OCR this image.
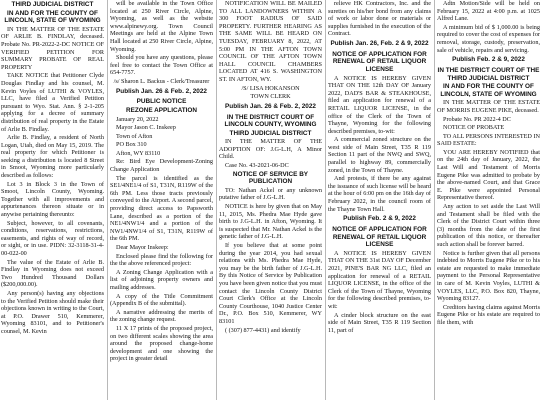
THIRD JUDICIAL DISTRICT
IN AND FOR THE COUNTY OF LINCOLN, STATE OF WYOMING
IN THE MATTER OF THE ESTATE OF ARLIE B. FINDLAY, deceased. Probate No. PR-2022-2-DC NOTICE OF VERIFIED PETITION FOR SUMMARY PROBATE OF REAL PROPERTY
TAKE NOTICE that Petitioner Clyde Douglas Findlay and his counsel, M. Kevin Voyles of LUTHI & VOYLES, LLC, have filed a Verified Petition pursuant to Wyo. Stat. Ann. § 2-1-205 applying for a decree of summary distribution of real property in the Estate of Arlie B. Findlay.
Arlie B. Findlay, a resident of North Logan, Utah, died on May 15, 2019. The real property for which Petitioner is seeking a distribution is located 8 Street in Smoot, Wyoming more particularly described as follows:
Lot 3 in Block 3 in the Town of Smoot, Lincoln County, Wyoming. Together with all improvements and appurtenances thereon situate or in anywise pertaining thereunto:
Subject, however, to all covenants, conditions, reservations, restrictions, easements, and rights of way of record, or sight, or in use. PIDN: 32-3118-31-4-00-022-00
The value of the Estate of Arlie B. Findlay in Wyoming does not exceed Two Hundred Thousand Dollars ($200,000.00).
Any person(s) having any objections to the Verified Petition should make their objections known in writing to the Court, at P.O. Drawer 510, Kemmerer, Wyoming 83101, and to Petitioner's counsel, M. Kevin
will be available in the Town Office located at 250 River Circle, Alpine, Wyoming, as well as the website www.alpinewy.org. Town Council Meetings are held at the Alpine Town Hall located at 250 River Circle, Alpine, Wyoming.
Should you have any questions, please feel free to contact the Town Office at 654-7757.
/s/ Sharon L. Backus - Clerk/Treasurer
Publish Jan. 26 & Feb. 2, 2022
PUBLIC NOTICE
REZONE APPLICATION
January 20, 2022
Mayor Jason C. Inskeep
Town of Afton
PO Box 310
Afton, WY 83110
Re: Bird Eye Development-Zoning Change Application
The parcel is identified as the SE1/4NE1/4 of S1, T31N, R119W of the 6th PM. Less those tracts previously conveyed to the Airport. A second parcel, providing direct access to Papsworth Lane, described as a portion of the NE1/4NW1/4 and a portion of the NW1/4NW1/4 of S1, T31N, R119W of the 6th PM.
Dear Mayor Inskeep:
Enclosed please find the following for the the above referenced project:
A Zoning Change Application with a list of adjoining property owners and mailing addresses.
A copy of the Title Commitment (Appendix B of the submittal).
A narrative addressing the merits of the zoning change request.
11 X 17 prints of the proposed project, on two different scales showing the area around the proposed change-home development and one showing the project in greater detail
NOTIFICATION WILL BE MAILED TO ALL LANDOWNERS WITHIN A 300 FOOT RADIUS OF SAID PROPERTY. FURTHER HEARING AS THE SAME WILL BE HEARD ON TUESDAY, FEBRUARY 8, 2022, AT 5:00 PM IN THE AFTON TOWN COUNCIL OF THE AFTON TOWN HALL COUNCIL CHAMBERS LOCATED AT 416 S. WASHINGTON ST. IN AFTON, WY.
/S/ LISA HOKANSON
TOWN CLERK
Publish Jan. 26 & Feb. 2, 2022
IN THE DISTRICT COURT OF LINCOLN COUNTY, WYOMING
THIRD JUDICIAL DISTRICT
IN THE MATTER OF THE ADOPTION OF: J.G-L.H, A Minor Child.
Case No. 43-2021-06-DC
NOTICE OF SERVICE BY PUBLICATION
TO: Nathan Ackel or any unknown putative father of J.G-L.H.
NOTICE is here by given that on May 11, 2015, Ms. Phedra Mae Hyde gave birth to J.G-L.H. in Afton, Wyoming. It is suspected that Mr. Nathan Ackel is the genetic father of J.G-L.H.
If you believe that at some point during the year 2014, you had sexual relations with Ms. Phedra Mae Hyde, you may be the birth father of J.G-L.H. By this Notice of Service by Publication you have been given notice that you must contact the Lincoln County District Court Clerk's Office at the Lincoln County Courthouse, 1040 Justice Center Dr., P.O. Box 510, Kemmerer, WY 83101
( (307) 877-4431) and identify
relieve HK Contractors, Inc. and the sureties on his/her bond from any claims of work or labor done or materials or supplies furnished in the execution of the Contract.
Publish Jan. 26, Feb. 2 & 9, 2022
NOTICE OF APPLICATION FOR RENEWAL OF RETAIL LIQUOR LICENSE
A NOTICE IS HEREBY GIVEN THAT ON THE 12th DAY OF January 2022, DAD'S BAR & STEAKHOUSE, filed an application for renewal of a RETAIL LIQUOR LICENSE, in the office of the Clerk of the Town of Thayne, Wyoming for the following described premises, to-wit:
A commercial zoned structure on the west side of Main Street, T35 R 119 Section 11 part of the NWQ and SWQ, parallel to highway 89, commercially zoned, in the Town of Thayne.
And protests, if there be any against the issuance of such license will be heard at the hour of 6:00 pm on the 16th day of February 2022, in the council room of the Thayne Town Hall.
Publish Feb. 2 & 9, 2022
NOTICE OF APPLICATION FOR RENEWAL OF RETAIL LIQUOR LICENSE
A NOTICE IS HEREBY GIVEN THAT ON THE 31st DAY OF December 2021, PINE'S BAR NG LLC, filed an application for renewal of a RETAIL LIQUOR LICENSE, in the office of the Clerk of the Town of Thayne, Wyoming for the following described premises, to-wit:
A cinder block structure on the east side of Main Street, T35 R 119 Section 11, part of
Adtn Motion/Side will be held on February 15, 2022 at 4:00 p.m. at 1025 Alfred Lane.
A minimum bid of $ 1,000.00 is being required to cover the cost of expenses for removal, storage, custody, preservation, sale of vehicle, repairs and servicing.
Publish Feb. 2 & 9, 2022
IN THE DISTRICT COURT OF THE THIRD JUDICIAL DISTRICT
IN AND FOR THE COUNTY OF LINCOLN, STATE OF WYOMING
IN THE MATTER OF THE ESTATE OF MORRIS EUGENE PIKE, deceased.
Probate No. PR 2022-4 DC
NOTICE OF PROBATE
TO ALL PERSONS INTERESTED IN SAID ESTATE:
YOU ARE HEREBY NOTIFIED that on the 24th day of January, 2022, the Last Will and Testament of Morris Eugene Pike was admitted to probate by the above-named Court, and that Grace E. Pike were appointed Personal Representative thereof.
Any action to set aside the Last Will and Testament shall be filed with the Clerk of the District Court within three (3) months from the date of the first publication of this notice, or thereafter such action shall be forever barred.
Notice is further given that all persons indebted to Morris Eugene Pike or to his estate are requested to make immediate payment to the Personal Representative in care of M. Kevin Voyles, LUTHI & VOYLES, LLC, P.O. Box 820, Thayne, Wyoming 83127.
Creditors having claims against Morris Eugene Pike or his estate are required to file them, with
